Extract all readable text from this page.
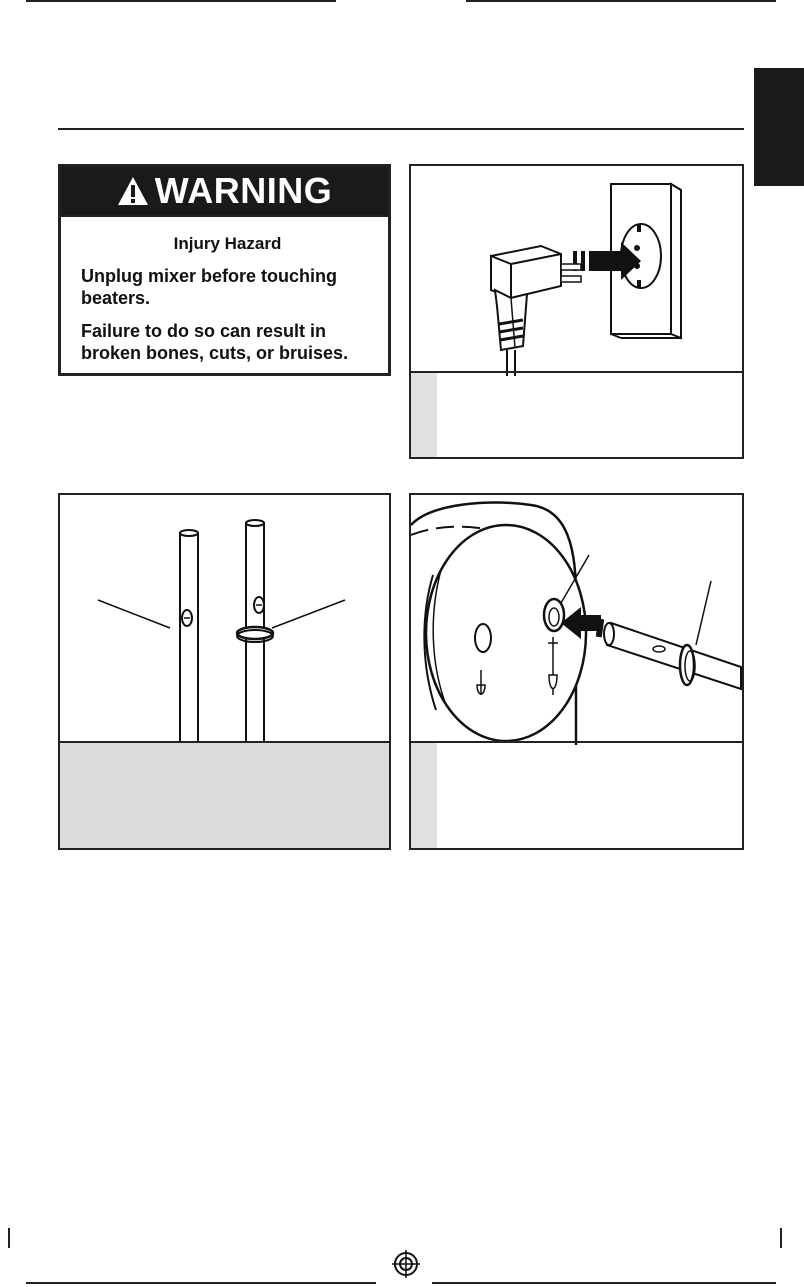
WARNING
Injury Hazard

Unplug mixer before touching beaters.

Failure to do so can result in broken bones, cuts, or bruises.
